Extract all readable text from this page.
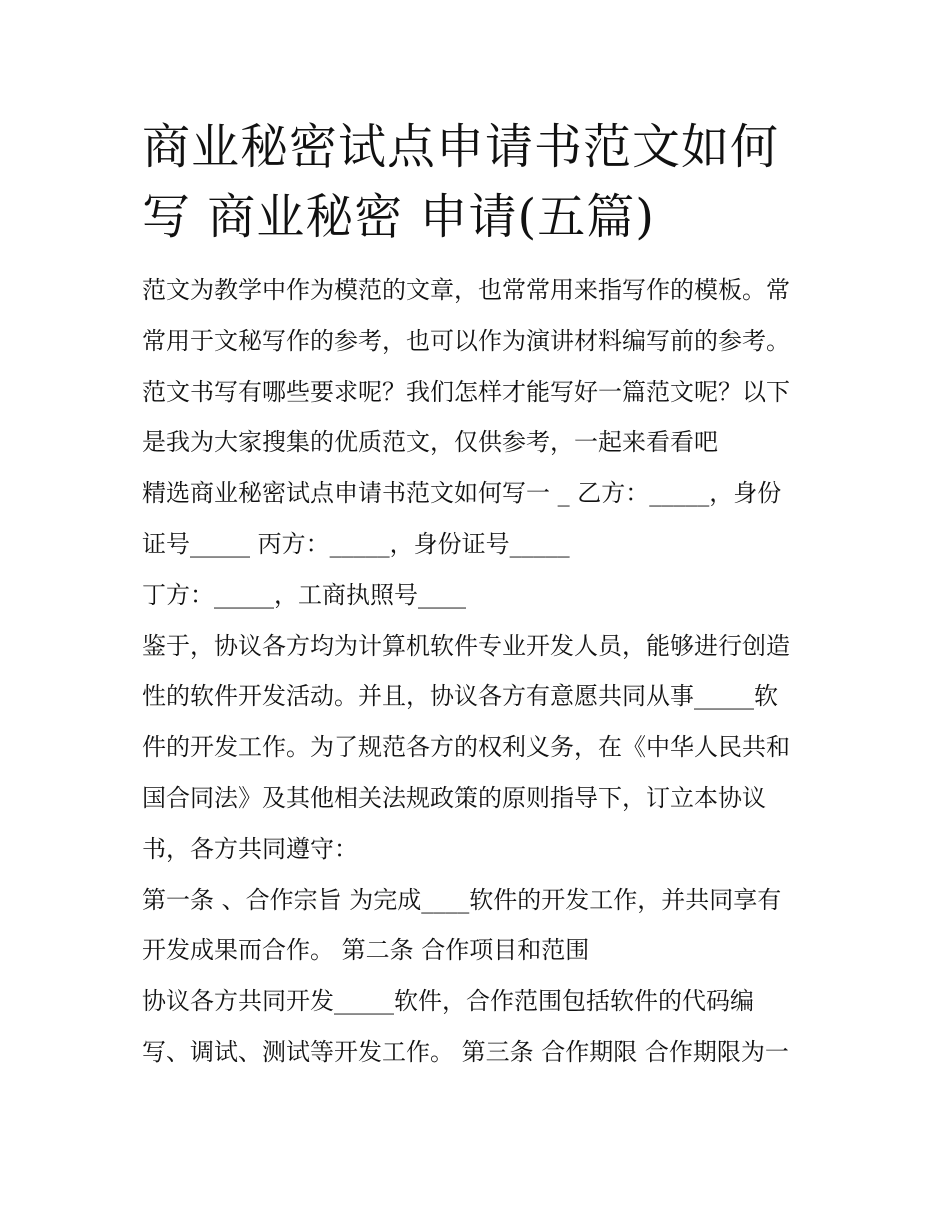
商业秘密试点申请书范文如何
写 商业秘密 申请(五篇)
范文为教学中作为模范的文章，也常常用来指写作的模板。常
常用于文秘写作的参考，也可以作为演讲材料编写前的参考。
范文书写有哪些要求呢？我们怎样才能写好一篇范文呢？以下
是我为大家搜集的优质范文，仅供参考，一起来看看吧
精选商业秘密试点申请书范文如何写一 _ 乙方：_____，身份
证号_____ 丙方：_____，身份证号_____
丁方：_____，工商执照号____
鉴于，协议各方均为计算机软件专业开发人员，能够进行创造
性的软件开发活动。并且，协议各方有意愿共同从事_____软
件的开发工作。为了规范各方的权利义务，在《中华人民共和
国合同法》及其他相关法规政策的原则指导下，订立本协议
书，各方共同遵守：
第一条 、合作宗旨 为完成____软件的开发工作，并共同享有
开发成果而合作。 第二条 合作项目和范围
协议各方共同开发_____软件，合作范围包括软件的代码编
写、调试、测试等开发工作。 第三条 合作期限 合作期限为一
